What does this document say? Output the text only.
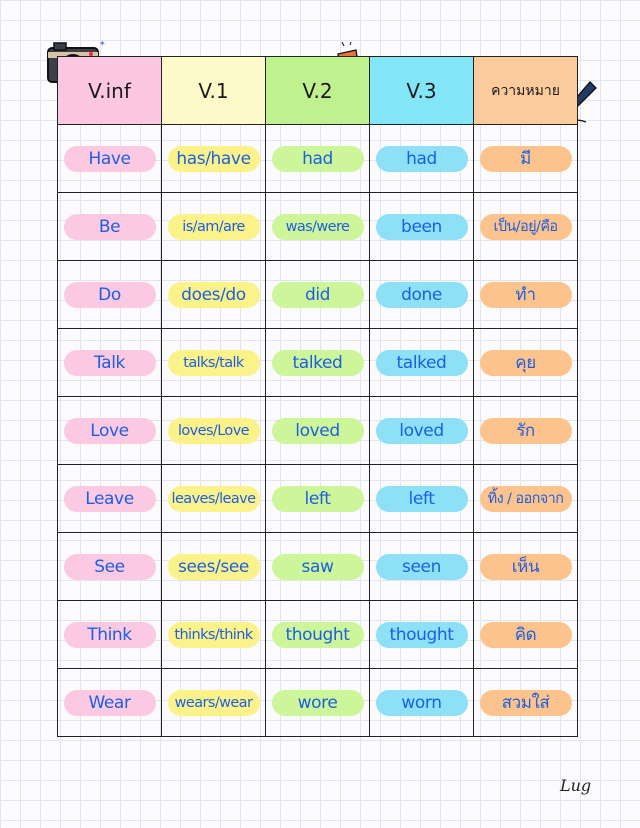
✦
V.inf	V.1	V.2	V.3	ความหมาย
Have	has/have	had	had	มี
Be	is/am/are	was/were	been	เป็น/อยู่/คือ
Do	does/do	did	done	ทำ
Talk	talks/talk	talked	talked	คุย
Love	loves/Love	loved	loved	รัก
Leave	leaves/leave	left	left	ทิ้ง / ออกจาก
See	sees/see	saw	seen	เห็น
Think	thinks/think	thought	thought	คิด
Wear	wears/wear	wore	worn	สวมใส่
Lug
